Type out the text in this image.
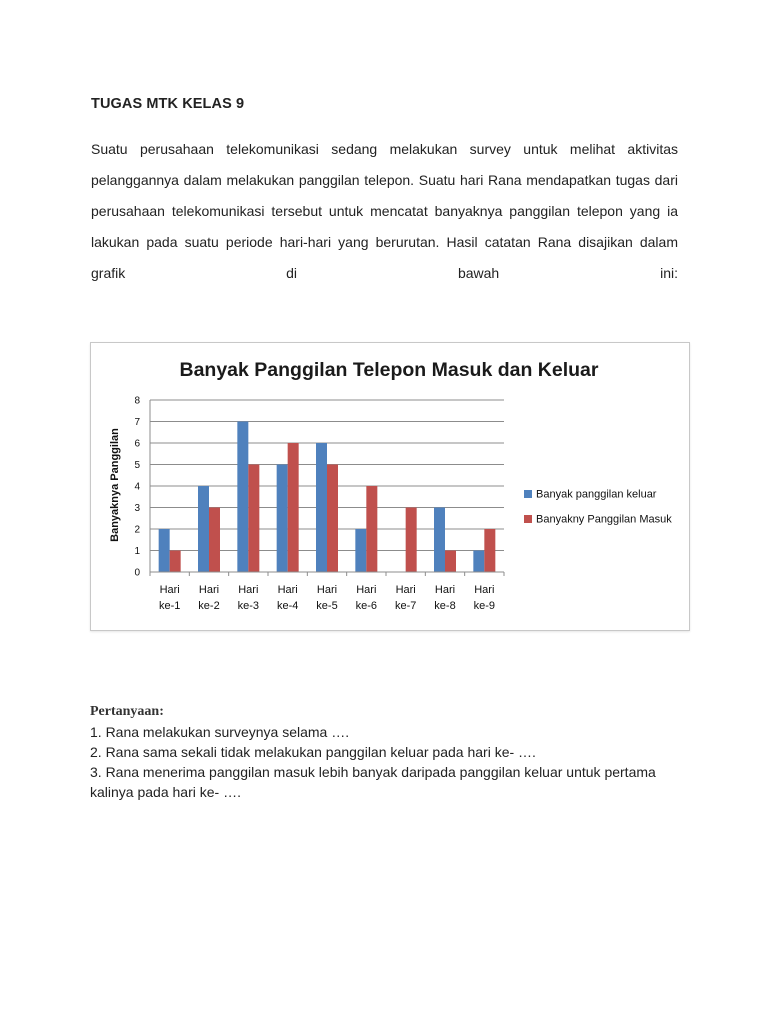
TUGAS MTK KELAS 9

Suatu perusahaan telekomunikasi sedang melakukan survey untuk melihat aktivitas pelanggannya dalam melakukan panggilan telepon. Suatu hari Rana mendapatkan tugas dari perusahaan telekomunikasi tersebut untuk mencatat banyaknya panggilan telepon yang ia lakukan pada suatu periode hari-hari yang berurutan. Hasil catatan Rana disajikan dalam grafik di bawah ini:

Banyak Panggilan Telepon Masuk dan Keluar
Banyaknya Panggilan
0
1
2
3
4
5
6
7
8
Hari
ke-1
Hari
ke-2
Hari
ke-3
Hari
ke-4
Hari
ke-5
Hari
ke-6
Hari
ke-7
Hari
ke-8
Hari
ke-9
Banyak panggilan keluar
Banyakny Panggilan Masuk
Pertanyaan:
1. Rana melakukan surveynya selama ….
2. Rana sama sekali tidak melakukan panggilan keluar pada hari ke- ….
3. Rana menerima panggilan masuk lebih banyak daripada panggilan keluar untuk pertama kalinya pada hari ke- ….
